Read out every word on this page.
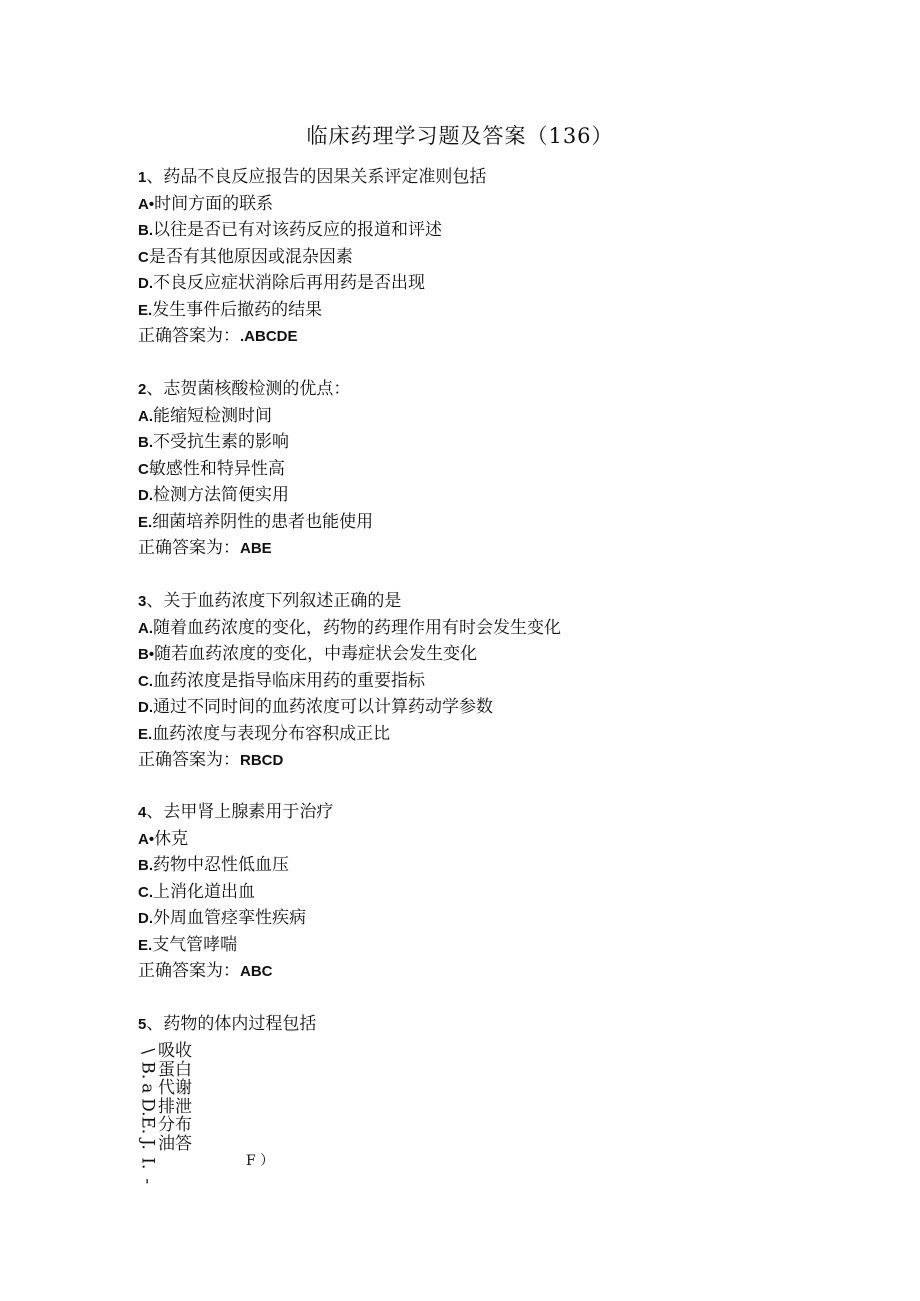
临床药理学习题及答案（136）
1、药品不良反应报告的因果关系评定准则包括
A•时间方面的联系
B.以往是否已有对该药反应的报道和评述
C是否有其他原因或混杂因素
D.不良反应症状消除后再用药是否出现
E.发生事件后撤药的结果
正确答案为：.ABCDE
2、志贺菌核酸检测的优点：
A.能缩短检测时间
B.不受抗生素的影响
C敏感性和特异性高
D.检测方法简便实用
E.细菌培养阴性的患者也能使用
正确答案为：ABE
3、关于血药浓度下列叙述正确的是
A.随着血药浓度的变化，药物的药理作用有时会发生变化
B•随若血药浓度的变化，中毒症状会发生变化
C.血药浓度是指导临床用药的重要指标
D.通过不同时间的血药浓度可以计算药动学参数
E.血药浓度与表现分布容积成正比
正确答案为：RBCD
4、去甲肾上腺素用于治疗
A•休克
B.药物中忍性低血压
C.上消化道出血
D.外周血管痉挛性疾病
E.支气管哮喘
正确答案为：ABC
5、药物的体内过程包括
\
B.
a
D.
E.
J.
I.
-
吸收
蛋白
代谢
排泄
分布
油答
F ）
